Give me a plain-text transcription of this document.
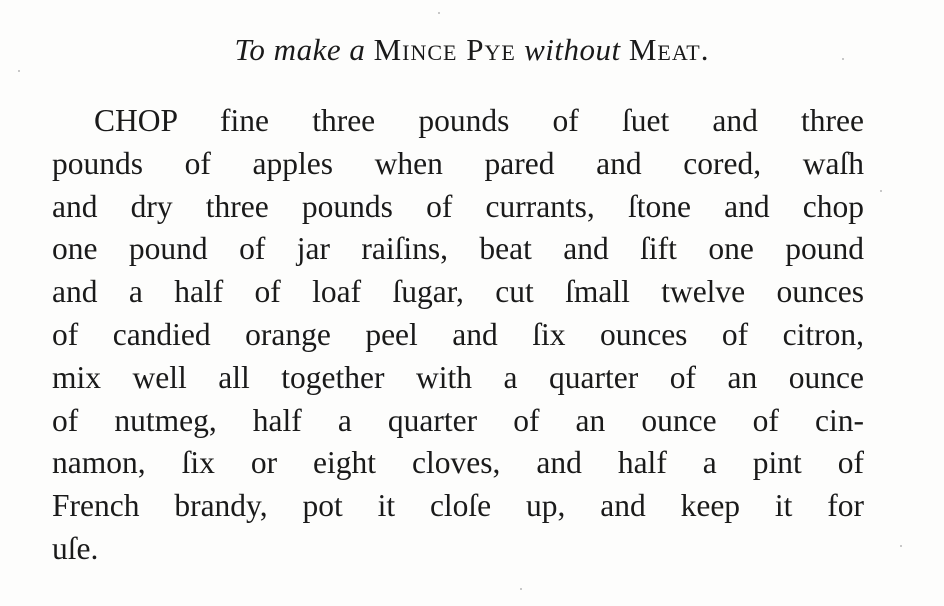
To make a Mince Pye without Meat.
CHOP fine three pounds of ſuet and three
pounds of apples when pared and cored, waſh
and dry three pounds of currants, ſtone and chop
one pound of jar raiſins, beat and ſift one pound
and a half of loaf ſugar, cut ſmall twelve ounces
of candied orange peel and ſix ounces of citron,
mix well all together with a quarter of an ounce
of nutmeg, half a quarter of an ounce of cin-
namon, ſix or eight cloves, and half a pint of
French brandy, pot it cloſe up, and keep it for
uſe.
